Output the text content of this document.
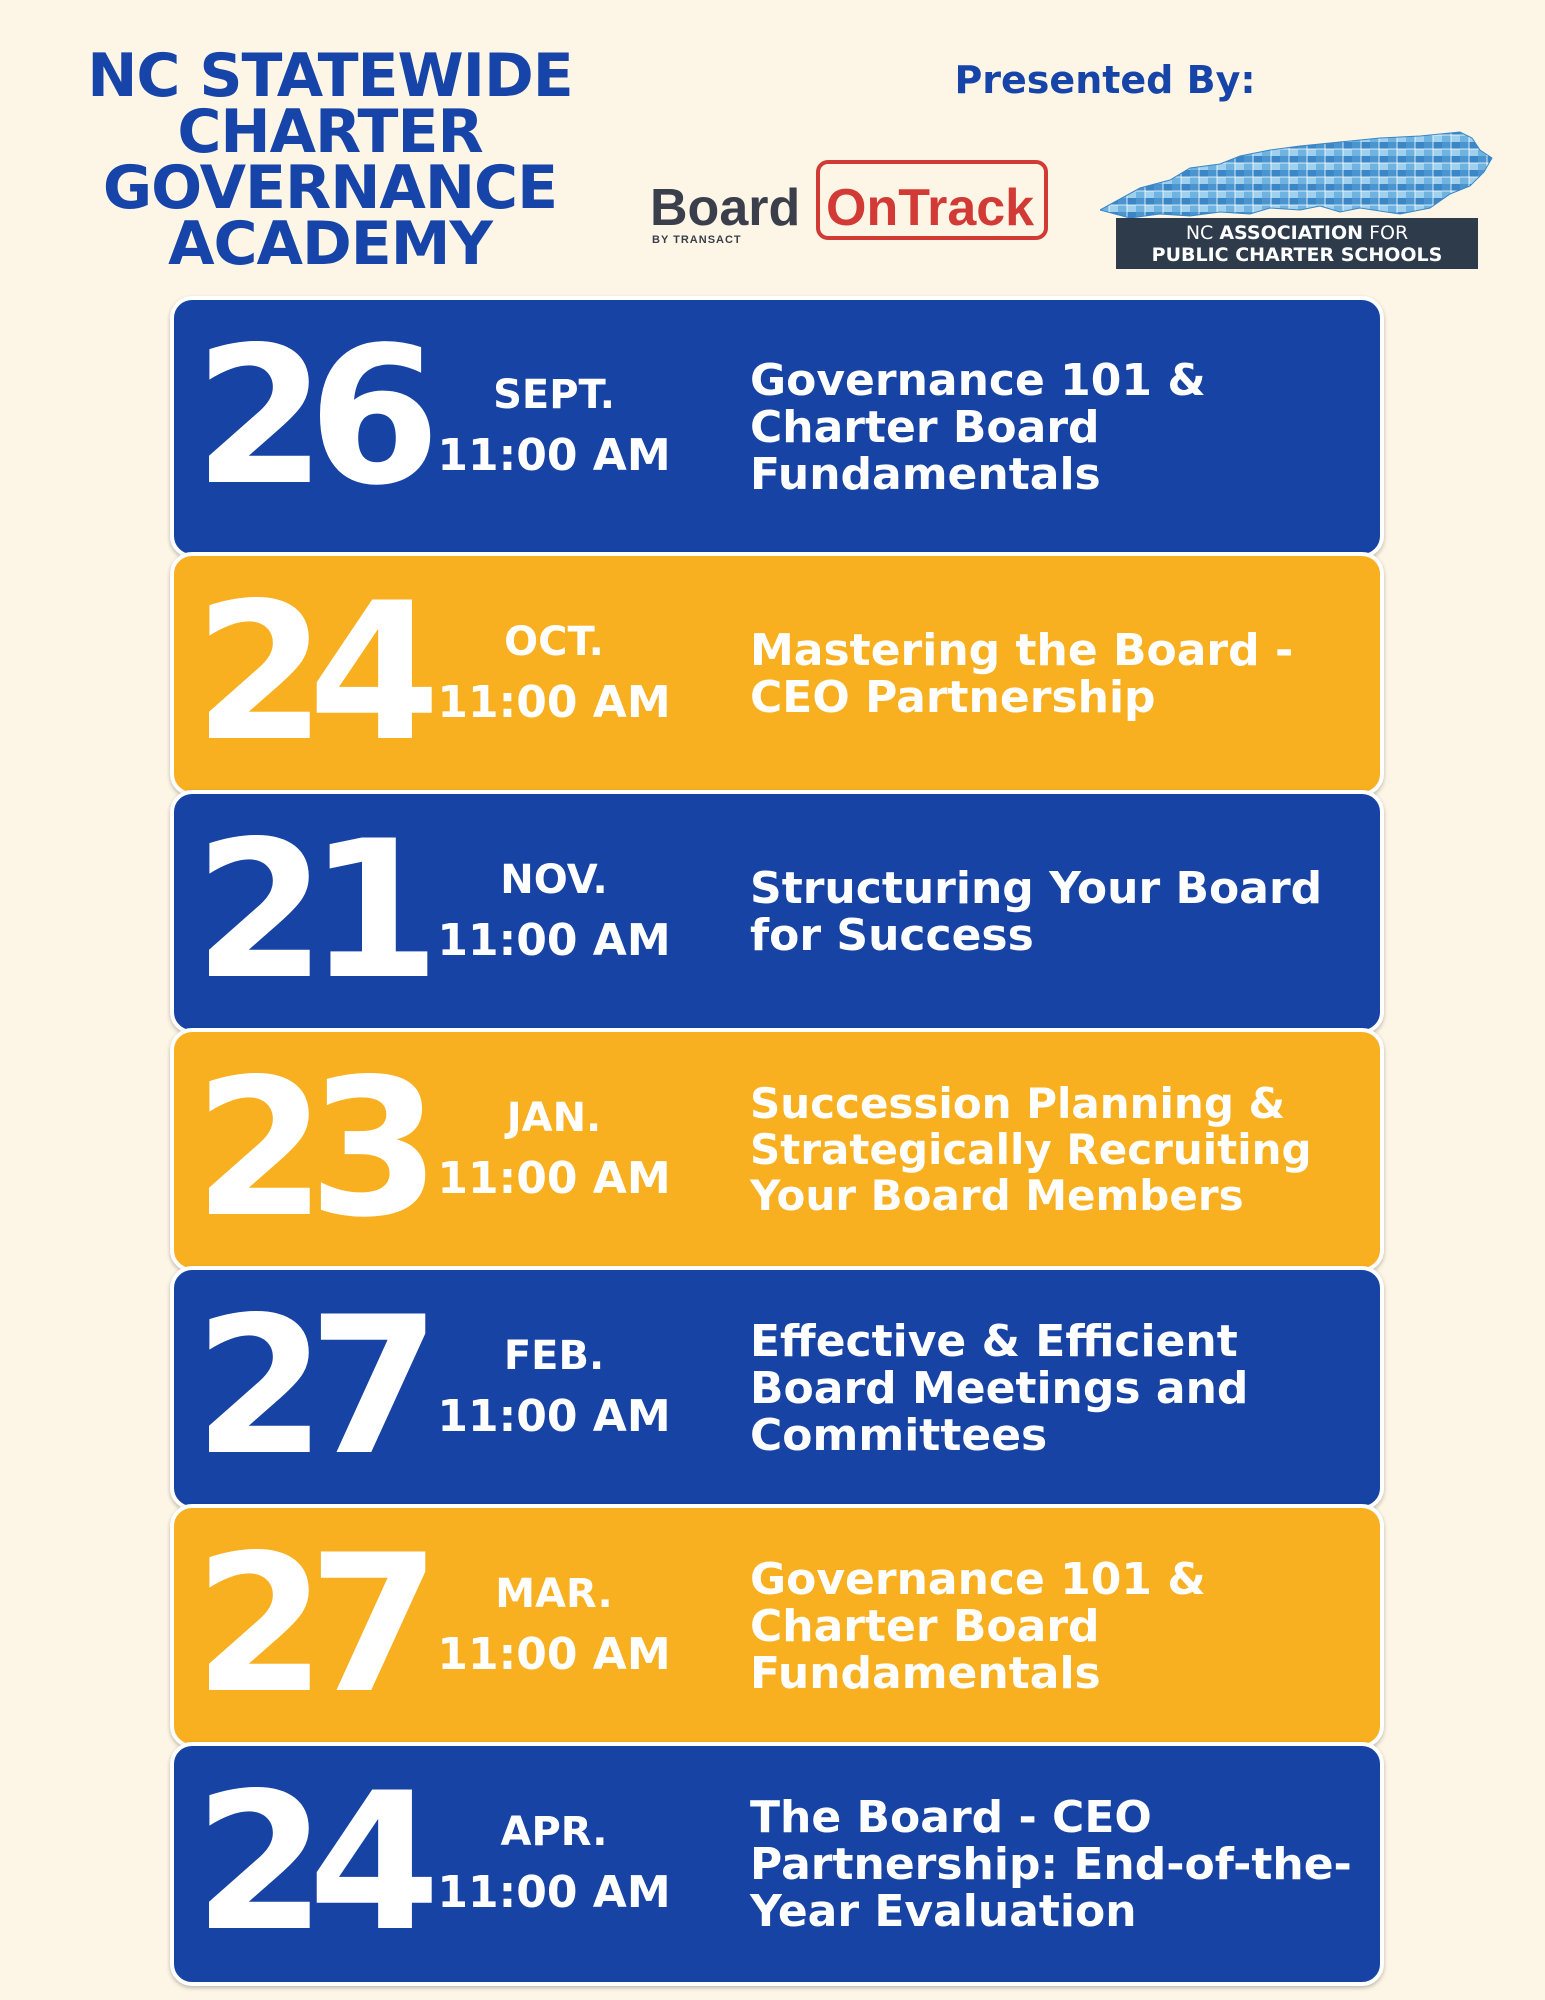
NC STATEWIDE
CHARTER
GOVERNANCE
ACADEMY
Presented By:
Board OnTrack
BY TRANSACT	NC ASSOCIATION FOR
PUBLIC CHARTER SCHOOLS
26 SEPT.
11:00 AM
Governance 101 & Charter Board Fundamentals
24 OCT.
11:00 AM
Mastering the Board - CEO Partnership
21 NOV.
11:00 AM
Structuring Your Board for Success
23 JAN.
11:00 AM
Succession Planning & Strategically Recruiting Your Board Members
27 FEB.
11:00 AM
Effective & Efficient Board Meetings and Committees
27 MAR.
11:00 AM
Governance 101 & Charter Board Fundamentals
24 APR.
11:00 AM
The Board - CEO Partnership: End-of-the-Year Evaluation
